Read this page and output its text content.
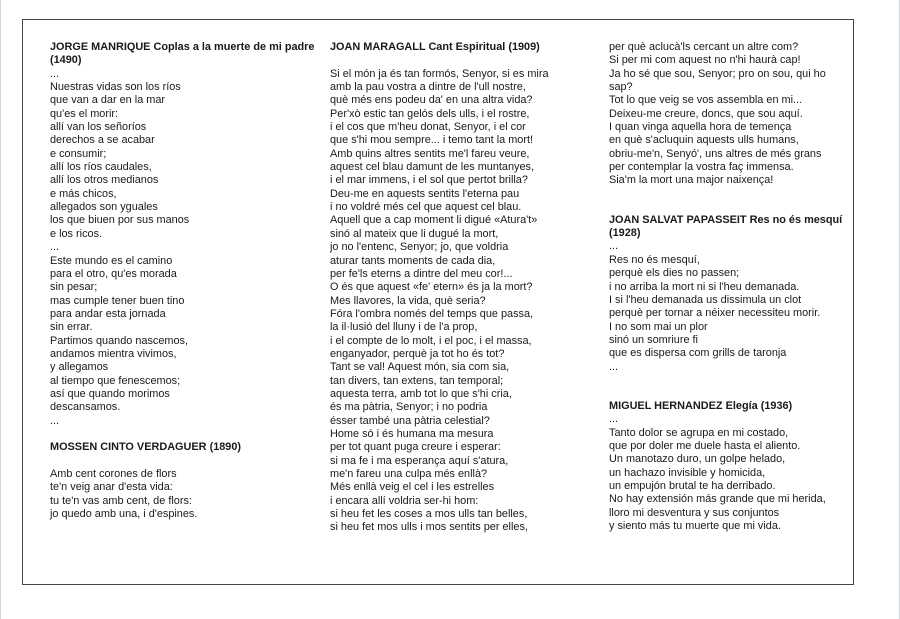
JORGE MANRIQUE Coplas a la muerte de mi padre (1490)

...
Nuestras vidas son los ríos
que van a dar en la mar
qu'es el morir:
allí van los señoríos
derechos a se acabar
e consumir;
allí los ríos caudales,
allí los otros medianos
e más chicos,
allegados son yguales
los que biuen por sus manos
e los ricos.
...
Este mundo es el camino
para el otro, qu'es morada
sin pesar;
mas cumple tener buen tino
para andar esta jornada
sin errar.
Partimos quando nascemos,
andamos mientra vivimos,
y allegamos
al tiempo que fenescemos;
así que quando morimos
descansamos.
...

MOSSEN CINTO VERDAGUER (1890)

Amb cent corones de flors
te'n veig anar d'esta vida:
tu te'n vas amb cent, de flors:
jo quedo amb una, i d'espines.

JOAN MARAGALL Cant Espiritual (1909)

Si el món ja és tan formós, Senyor, si es mira
amb la pau vostra a dintre de l'ull nostre,
què més ens podeu da' en una altra vida?
Per'xò estic tan gelós dels ulls, i el rostre,
i el cos que m'heu donat, Senyor, i el cor
que s'hi mou sempre... i temo tant la mort!
Amb quins altres sentits me'l fareu veure,
aquest cel blau damunt de les muntanyes,
i el mar immens, i el sol que pertot brilla?
Deu-me en aquests sentits l'eterna pau
i no voldré més cel que aquest cel blau.
Aquell que a cap moment li digué «Atura't»
sinó al mateix que li dugué la mort,
jo no l'entenc, Senyor; jo, que voldria
aturar tants moments de cada dia,
per fe'ls eterns a dintre del meu cor!...
O és que aquest «fe' etern» és ja la mort?
Mes llavores, la vida, què seria?
Fóra l'ombra només del temps que passa,
la il·lusió del lluny i de l'a prop,
i el compte de lo molt, i el poc, i el massa,
enganyador, perquè ja tot ho és tot?
Tant se val! Aquest món, sia com sia,
tan divers, tan extens, tan temporal;
aquesta terra, amb tot lo que s'hi cria,
és ma pàtria, Senyor; i no podria
ésser també una pàtria celestial?
Home só i és humana ma mesura
per tot quant puga creure i esperar:
si ma fe i ma esperança aquí s'atura,
me'n fareu una culpa més enllà?
Més enllà veig el cel i les estrelles
i encara allí voldria ser-hi hom:
si heu fet les coses a mos ulls tan belles,
si heu fet mos ulls i mos sentits per elles,
per què aclucà'ls cercant un altre com?
Si per mi com aquest no n'hi haurà cap!
Ja ho sé que sou, Senyor; pro on sou, qui ho
sap?
Tot lo que veig se vos assembla en mi...
Deixeu-me creure, doncs, que sou aquí.
I quan vinga aquella hora de temença
en què s'acluquin aquests ulls humans,
obriu-me'n, Senyó', uns altres de més grans
per contemplar la vostra faç immensa.
Sia'm la mort una major naixença!

JOAN SALVAT PAPASSEIT Res no és mesquí (1928)

...
Res no és mesquí,
perquè els dies no passen;
i no arriba la mort ni si l'heu demanada.
I si l'heu demanada us dissimula un clot
perquè per tornar a néixer necessiteu morir.
I no som mai un plor
sinó un somriure fi
que es dispersa com grills de taronja
...

MIGUEL HERNANDEZ Elegía (1936)

...
Tanto dolor se agrupa en mi costado,
que por doler me duele hasta el aliento.
Un manotazo duro, un golpe helado,
un hachazo invisible y homicida,
un empujón brutal te ha derribado.
No hay extensión más grande que mi herida,
lloro mi desventura y sus conjuntos
y siento más tu muerte que mi vida.
